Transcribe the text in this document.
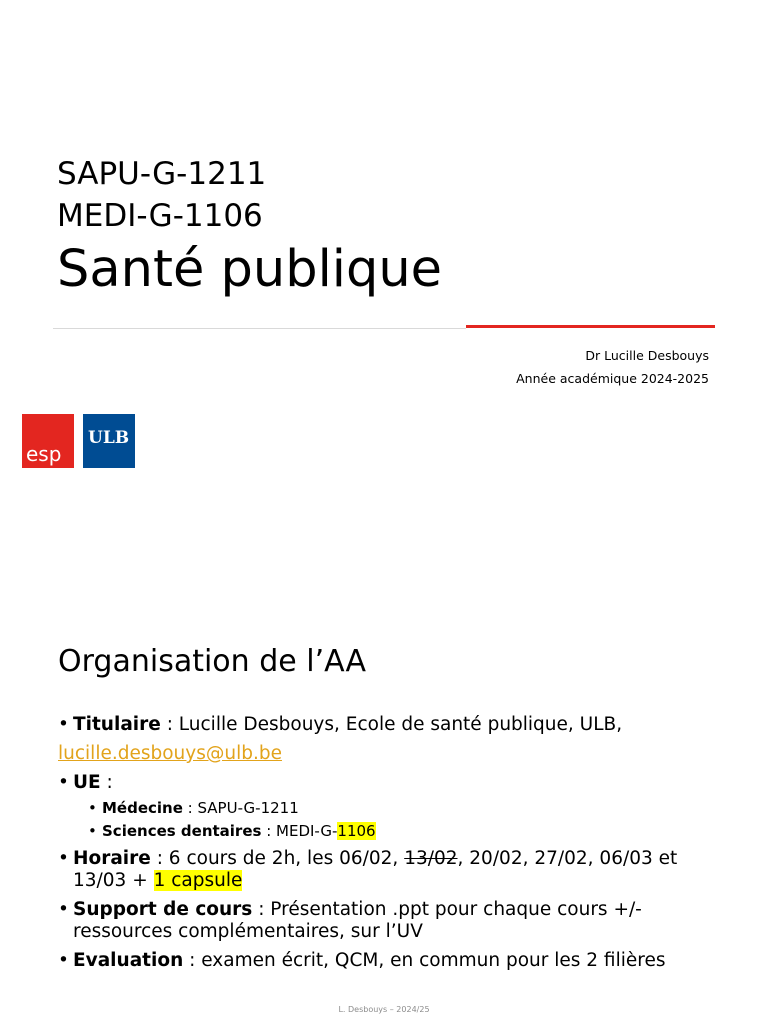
SAPU-G-1211
MEDI-G-1106
Santé publique
Dr Lucille Desbouys
Année académique 2024-2025
esp
ULB
Organisation de l’AA
• Titulaire : Lucille Desbouys, Ecole de santé publique, ULB,
lucille.desbouys@ulb.be
• UE :
• Médecine : SAPU-G-1211
• Sciences dentaires : MEDI-G-1106
• Horaire : 6 cours de 2h, les 06/02, 13/02, 20/02, 27/02, 06/03 et
13/03 + 1 capsule
• Support de cours : Présentation .ppt pour chaque cours +/-
ressources complémentaires, sur l’UV
• Evaluation : examen écrit, QCM, en commun pour les 2 filières
L. Desbouys – 2024/25
